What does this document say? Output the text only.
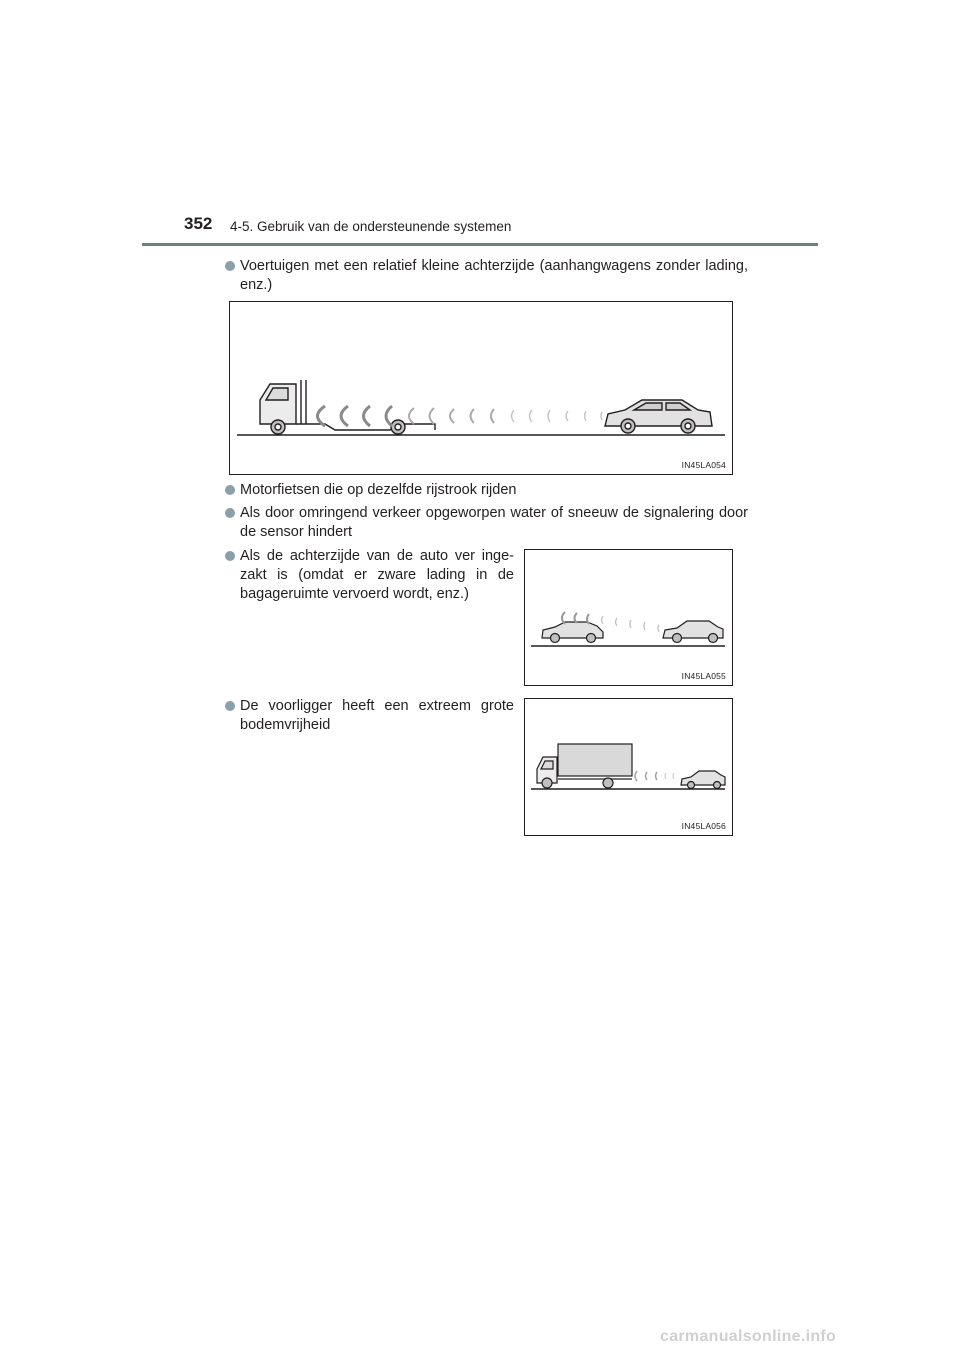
352 4-5. Gebruik van de ondersteunende systemen
Voertuigen met een relatief kleine achterzijde (aanhangwagens zonder lading, enz.)
IN45LA054
Motorfietsen die op dezelfde rijstrook rijden
Als door omringend verkeer opgeworpen water of sneeuw de signalering door de sensor hindert
Als de achterzijde van de auto ver inge-zakt is (omdat er zware lading in de bagageruimte vervoerd wordt, enz.)
IN45LA055
De voorligger heeft een extreem grote bodemvrijheid
IN45LA056
carmanualsonline.info
